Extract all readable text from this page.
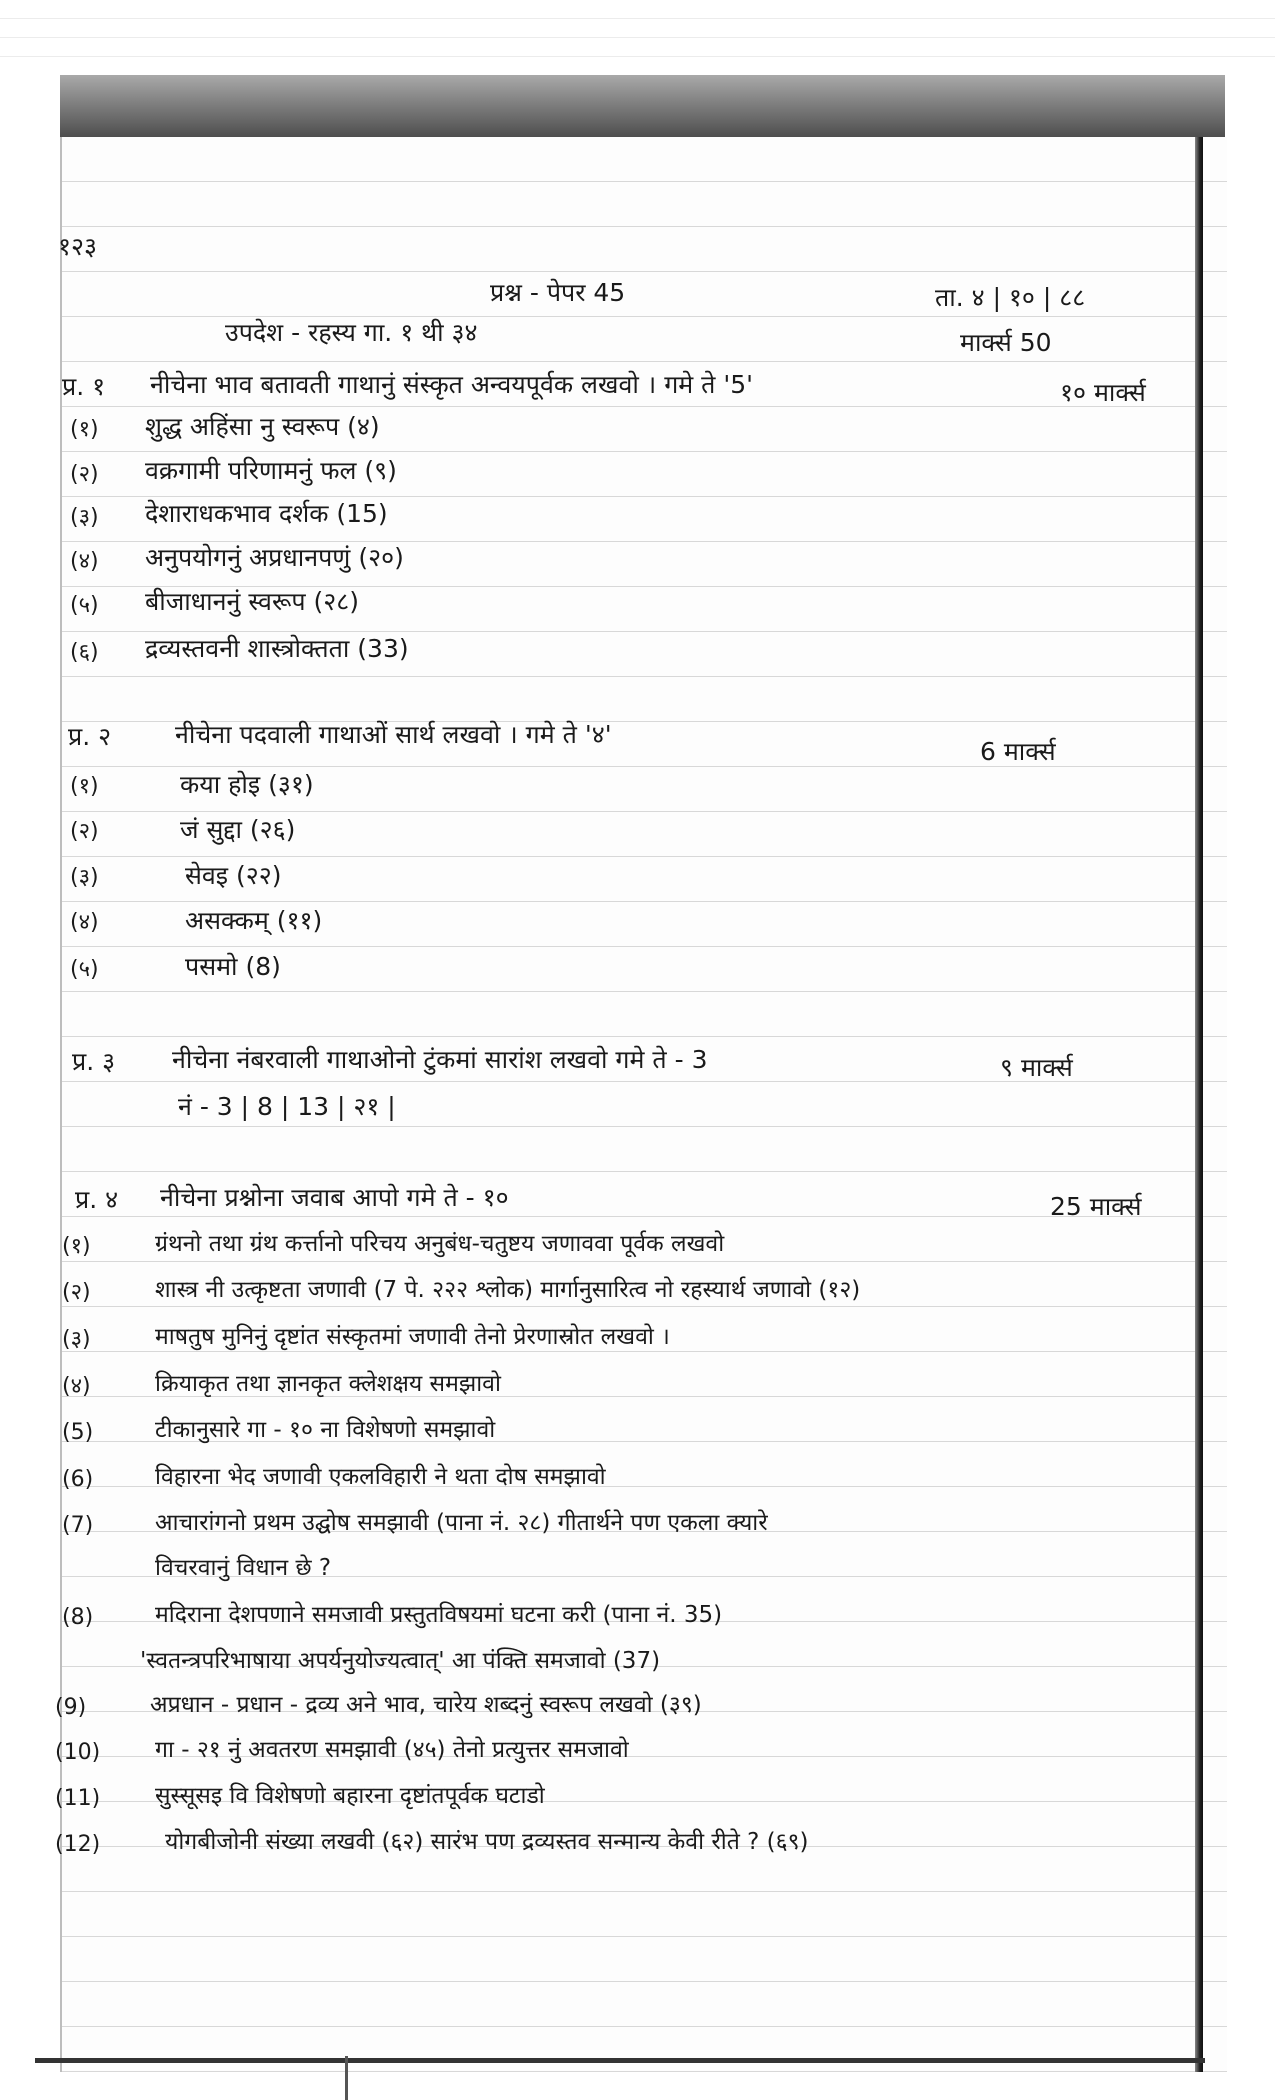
१२३
प्रश्न - पेपर 45	ता. ४ | १० | ८८
उपदेश - रहस्य गा. १ थी ३४	मार्क्स 50
प्र. १ नीचेना भाव बतावती गाथानुं संस्कृत अन्वयपूर्वक लखवो । गमे ते '5'	१० मार्क्स
(१) शुद्ध अहिंसा नु स्वरूप (४)
(२) वक्रगामी परिणामनुं फल (९)
(३) देशाराधकभाव दर्शक (15)
(४) अनुपयोगनुं अप्रधानपणुं (२०)
(५) बीजाधाननुं स्वरूप (२८)
(६) द्रव्यस्तवनी शास्त्रोक्तता (33)
प्र. २	नीचेना पदवाली गाथाओं सार्थ लखवो । गमे ते '४'
6 मार्क्स
(१)	कया होइ (३१)
(२)	जं सुद्दा (२६)
(३)	सेवइ (२२)
(४)	असक्कम् (११)
(५)	पसमो (8)
प्र. ३ नीचेना नंबरवाली गाथाओनो टुंकमां सारांश लखवो गमे ते - 3	९ मार्क्स
नं - 3 | 8 | 13 | २१ |
प्र. ४ नीचेना प्रश्नोना जवाब आपो गमे ते - १०	25 मार्क्स
(१)	ग्रंथनो तथा ग्रंथ कर्त्तानो परिचय अनुबंध-चतुष्टय जणाववा पूर्वक लखवो
(२)	शास्त्र नी उत्कृष्टता जणावी (7 पे. २२२ श्लोक) मार्गानुसारित्व नो रहस्यार्थ जणावो (१२)
(३)	माषतुष मुनिनुं दृष्टांत संस्कृतमां जणावी तेनो प्रेरणास्रोत लखवो ।
(४)	क्रियाकृत तथा ज्ञानकृत क्लेशक्षय समझावो
(5)	टीकानुसारे गा - १० ना विशेषणो समझावो
(6)	विहारना भेद जणावी एकलविहारी ने थता दोष समझावो
(7)	आचारांगनो प्रथम उद्घोष समझावी (पाना नं. २८) गीतार्थने पण एकला क्यारे
विचरवानुं विधान छे ?
(8)	मदिराना देशपणाने समजावी प्रस्तुतविषयमां घटना करी (पाना नं. 35)
'स्वतन्त्रपरिभाषाया अपर्यनुयोज्यत्वात्' आ पंक्ति समजावो (37)
(9)	अप्रधान - प्रधान - द्रव्य अने भाव, चारेय शब्दनुं स्वरूप लखवो (३९)
(10) गा - २१ नुं अवतरण समझावी (४५) तेनो प्रत्युत्तर समजावो
(11) सुस्सूसइ वि विशेषणो बहारना दृष्टांतपूर्वक घटाडो
(12)	योगबीजोनी संख्या लखवी (६२) सारंभ पण द्रव्यस्तव सन्मान्य केवी रीते ? (६९)
